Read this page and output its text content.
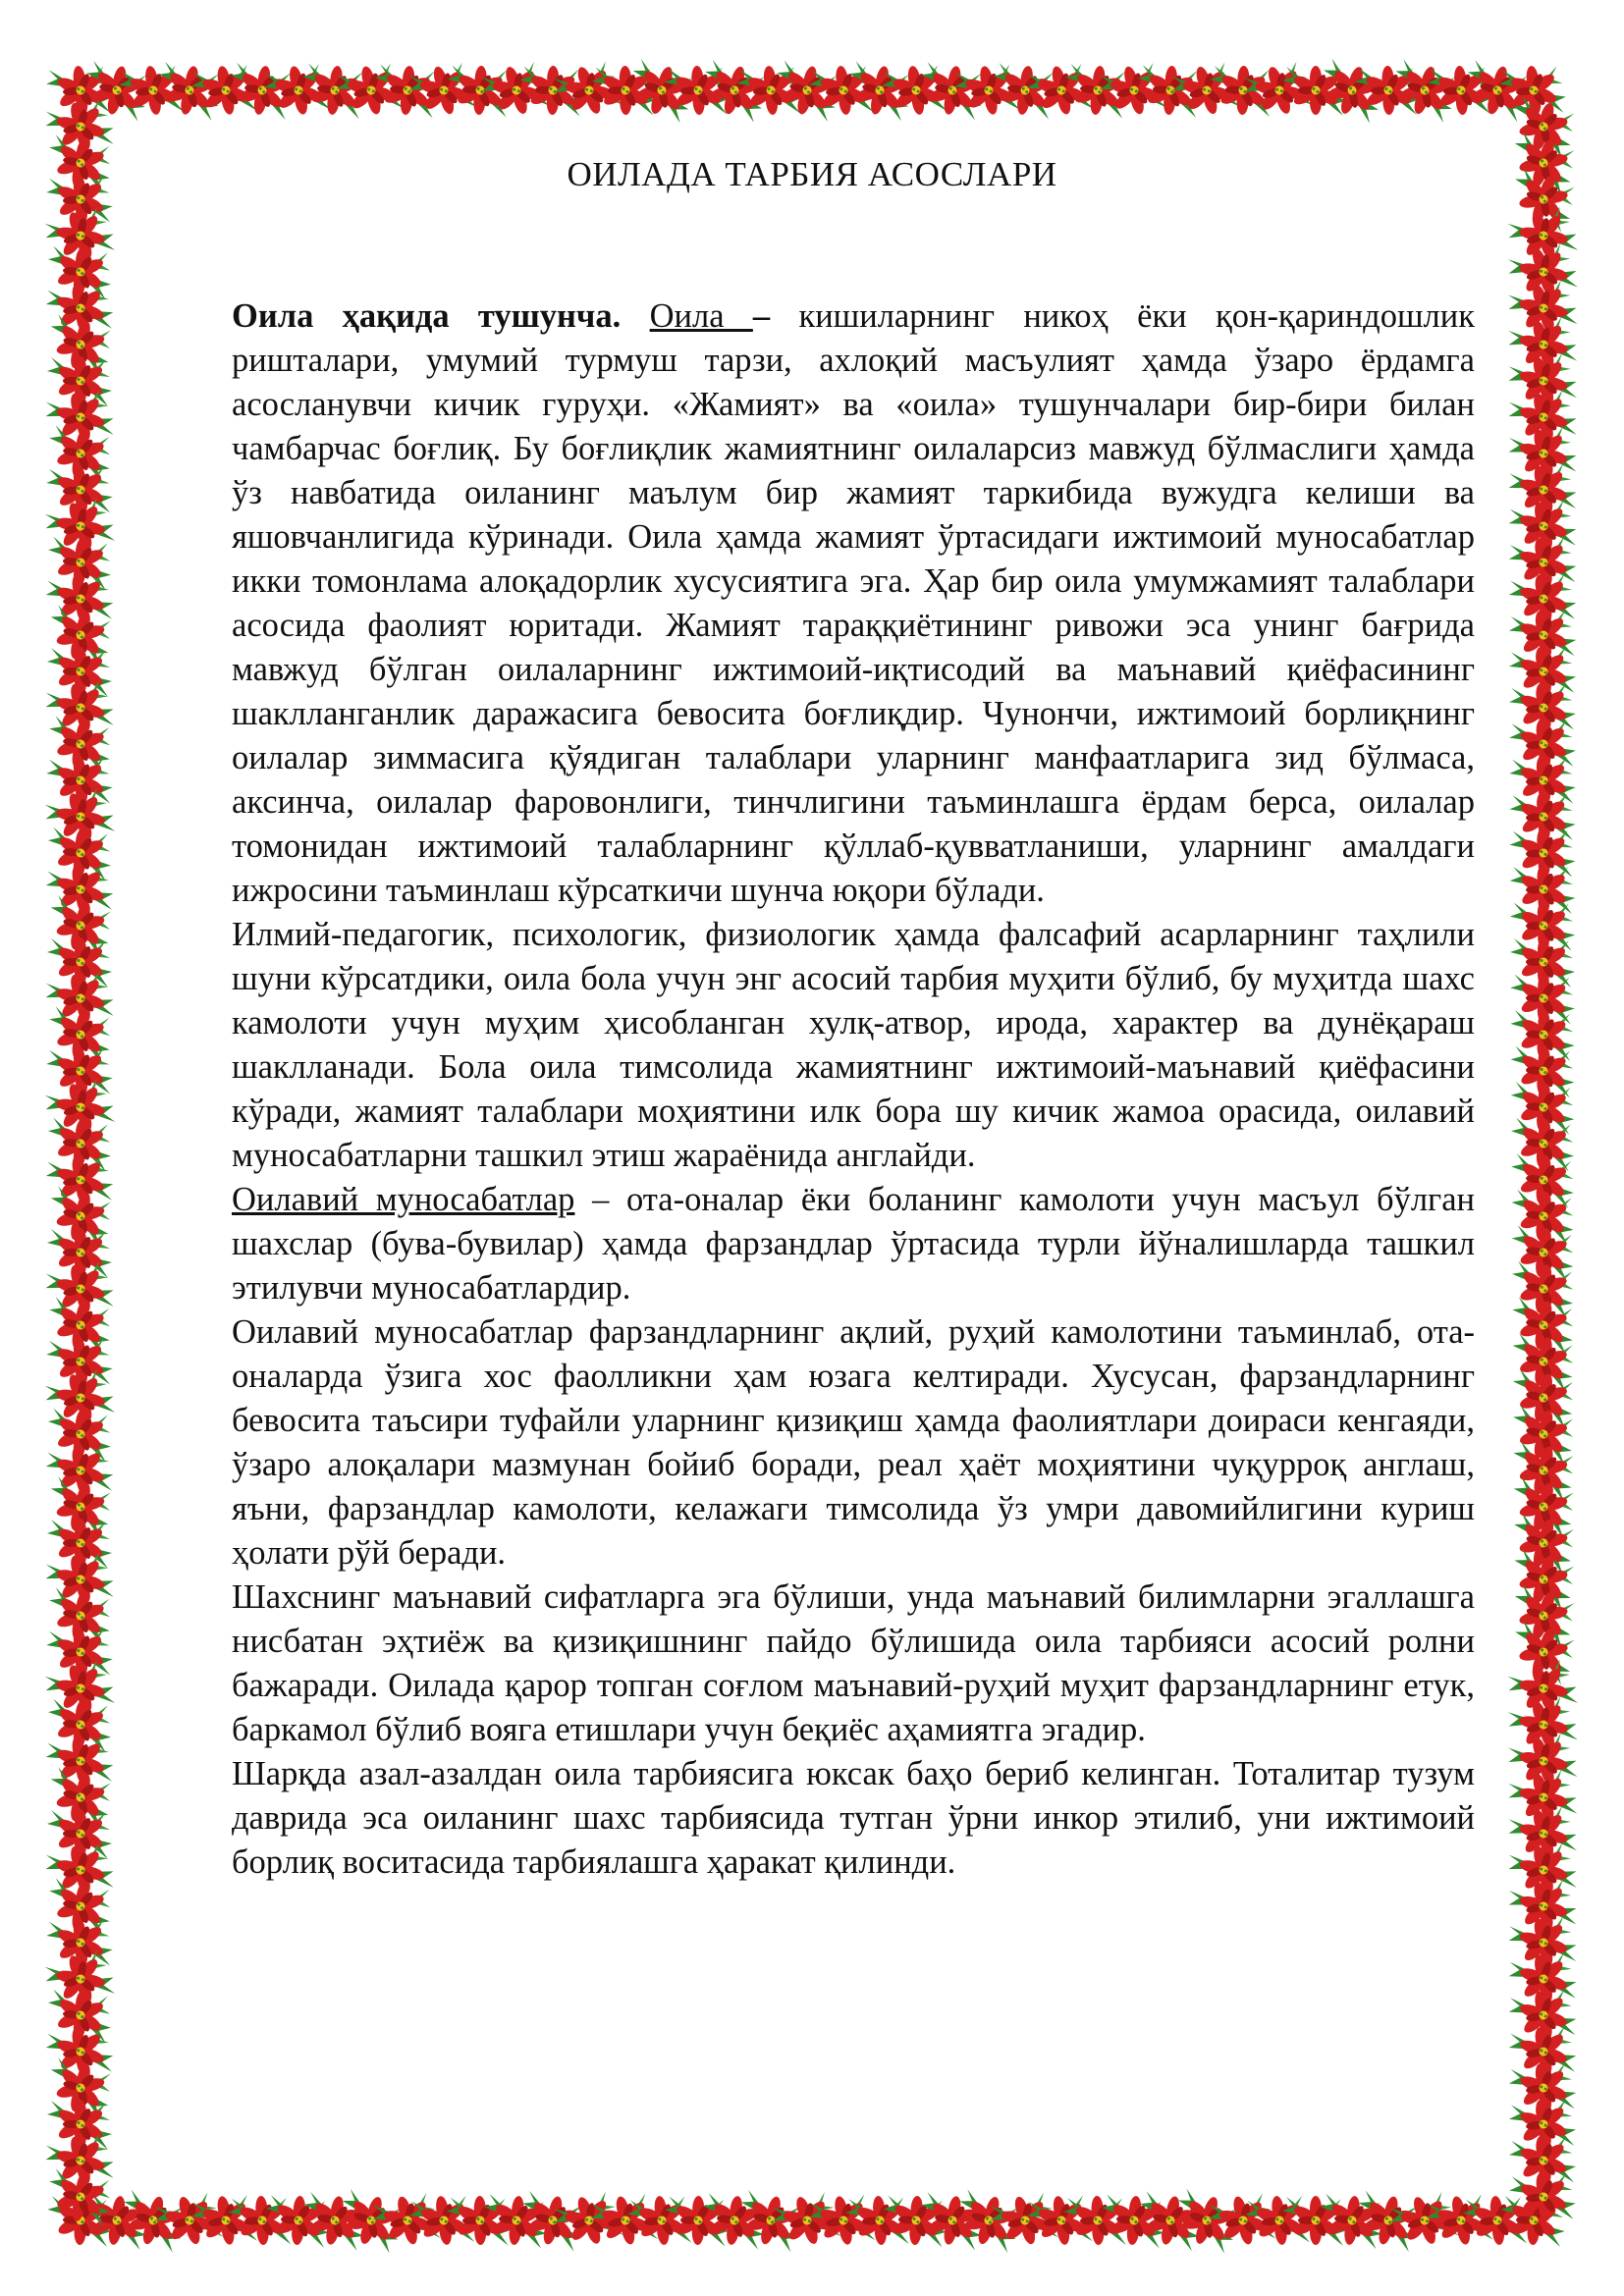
ОИЛАДА ТАРБИЯ АСОСЛАРИ

Оила ҳақида тушунча. Оила – кишиларнинг никоҳ ёки қон-қариндошлик ришталари, умумий турмуш тарзи, ахлоқий масъулият ҳамда ўзаро ёрдамга асосланувчи кичик гуруҳи. «Жамият» ва «оила» тушунчалари бир-бири билан чамбарчас боғлиқ. Бу боғлиқлик жамиятнинг оилаларсиз мавжуд бўлмаслиги ҳамда ўз навбатида оиланинг маълум бир жамият таркибида вужудга келиши ва яшовчанлигида кўринади. Оила ҳамда жамият ўртасидаги ижтимоий муносабатлар икки томонлама алоқадорлик хусусиятига эга. Ҳар бир оила умумжамият талаблари асосида фаолият юритади. Жамият тараққиётининг ривожи эса унинг бағрида мавжуд бўлган оилаларнинг ижтимоий-иқтисодий ва маънавий қиёфасининг шаклланганлик даражасига бевосита боғлиқдир. Чунончи, ижтимоий борлиқнинг оилалар зиммасига қўядиган талаблари уларнинг манфаатларига зид бўлмаса, аксинча, оилалар фаровонлиги, тинчлигини таъминлашга ёрдам берса, оилалар томонидан ижтимоий талабларнинг қўллаб-қувватланиши, уларнинг амалдаги ижросини таъминлаш кўрсаткичи шунча юқори бўлади.

Илмий-педагогик, психологик, физиологик ҳамда фалсафий асарларнинг таҳлили шуни кўрсатдики, оила бола учун энг асосий тарбия муҳити бўлиб, бу муҳитда шахс камолоти учун муҳим ҳисобланган хулқ-атвор, ирода, характер ва дунёқараш шаклланади. Бола оила тимсолида жамиятнинг ижтимоий-маънавий қиёфасини кўради, жамият талаблари моҳиятини илк бора шу кичик жамоа орасида, оилавий муносабатларни ташкил этиш жараёнида англайди.

Оилавий муносабатлар – ота-оналар ёки боланинг камолоти учун масъул бўлган шахслар (бува-бувилар) ҳамда фарзандлар ўртасида турли йўналишларда ташкил этилувчи муносабатлардир.

Оилавий муносабатлар фарзандларнинг ақлий, руҳий камолотини таъминлаб, ота-оналарда ўзига хос фаолликни ҳам юзага келтиради. Хусусан, фарзандларнинг бевосита таъсири туфайли уларнинг қизиқиш ҳамда фаолиятлари доираси кенгаяди, ўзаро алоқалари мазмунан бойиб боради, реал ҳаёт моҳиятини чуқурроқ англаш, яъни, фарзандлар камолоти, келажаги тимсолида ўз умри давомийлигини куриш ҳолати рўй беради.

Шахснинг маънавий сифатларга эга бўлиши, унда маънавий билимларни эгаллашга нисбатан эҳтиёж ва қизиқишнинг пайдо бўлишида оила тарбияси асосий ролни бажаради. Оилада қарор топган соғлом маънавий-руҳий муҳит фарзандларнинг етук, баркамол бўлиб вояга етишлари учун беқиёс аҳамиятга эгадир.

Шарқда азал-азалдан оила тарбиясига юксак баҳо бериб келинган. Тоталитар тузум даврида эса оиланинг шахс тарбиясида тутган ўрни инкор этилиб, уни ижтимоий борлиқ воситасида тарбиялашга ҳаракат қилинди.
